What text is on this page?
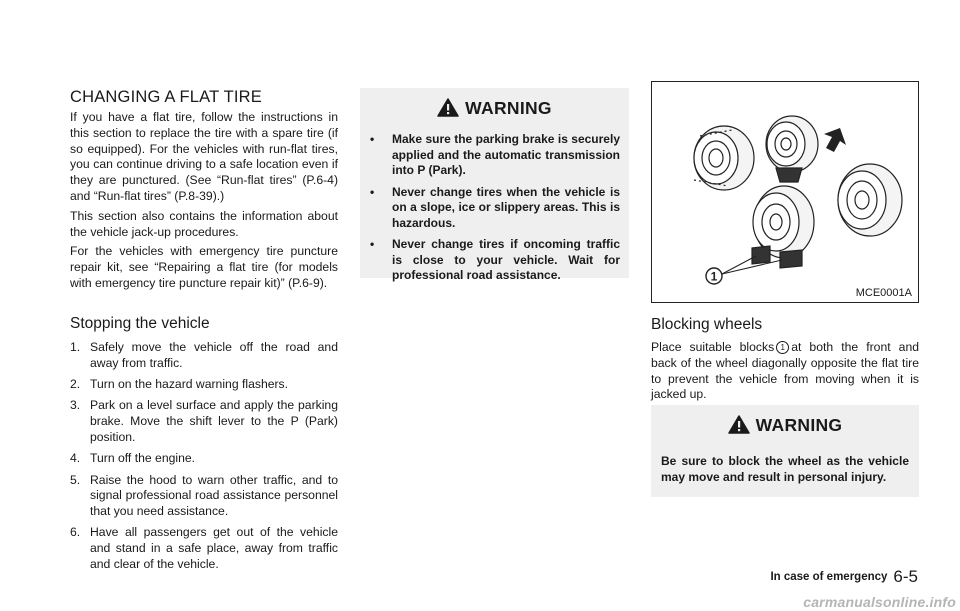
CHANGING A FLAT TIRE

If you have a flat tire, follow the instructions in this section to replace the tire with a spare tire (if so equipped). For the vehicles with run-flat tires, you can continue driving to a safe location even if they are punctured. (See “Run-flat tires” (P.6-4) and “Run-flat tires” (P.8-39).)

This section also contains the information about the vehicle jack-up procedures.

For the vehicles with emergency tire puncture repair kit, see “Repairing a flat tire (for models with emergency tire puncture repair kit)” (P.6-9).

Stopping the vehicle
1. Safely move the vehicle off the road and away from traffic.
2. Turn on the hazard warning flashers.
3. Park on a level surface and apply the parking brake. Move the shift lever to the P (Park) position.
4. Turn off the engine.
5. Raise the hood to warn other traffic, and to signal professional road assistance personnel that you need assistance.
6. Have all passengers get out of the vehicle and stand in a safe place, away from traffic and clear of the vehicle.
WARNING
• Make sure the parking brake is securely applied and the automatic transmission into P (Park).
• Never change tires when the vehicle is on a slope, ice or slippery areas. This is hazardous.
• Never change tires if oncoming traffic is close to your vehicle. Wait for professional road assistance.	1
MCE0001A
Blocking wheels

Place suitable blocks 1 at both the front and back of the wheel diagonally opposite the flat tire to prevent the vehicle from moving when it is jacked up.

WARNING

Be sure to block the wheel as the vehicle may move and result in personal injury.

In case of emergency 6-5
carmanualsonline.info
